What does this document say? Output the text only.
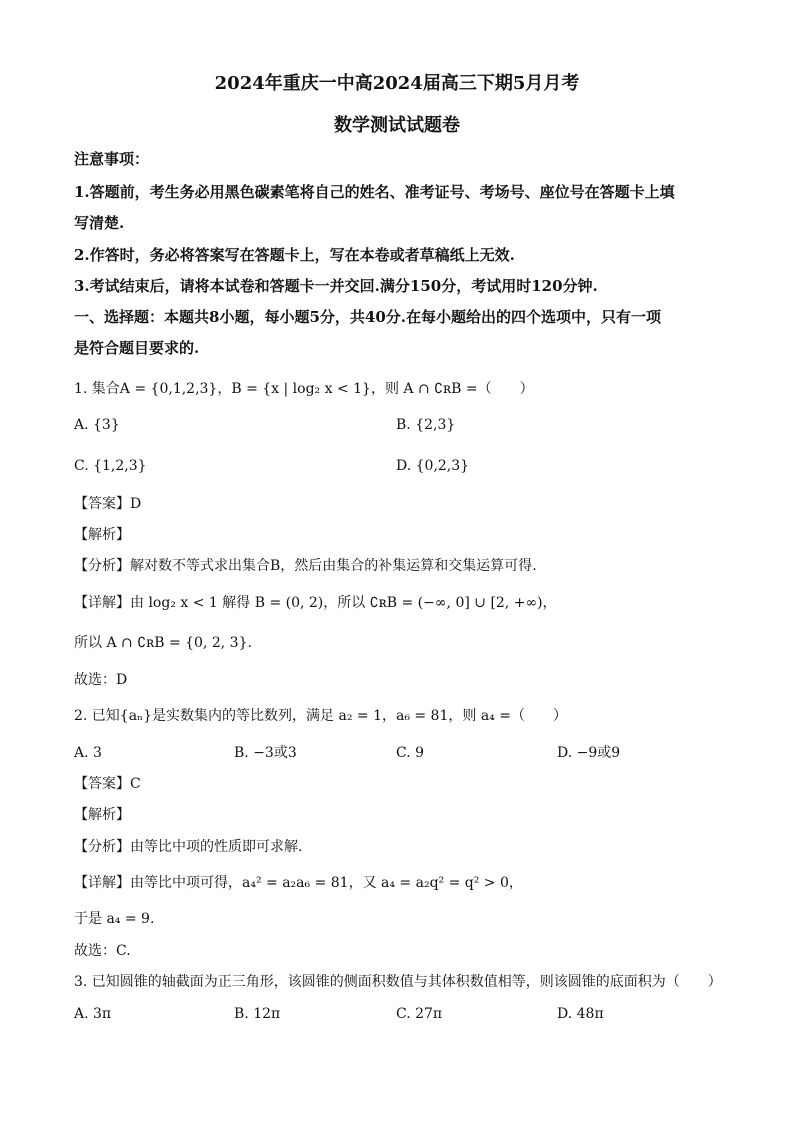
2024年重庆一中高2024届高三下期5月月考
数学测试试题卷
注意事项：
1.答题前，考生务必用黑色碳素笔将自己的姓名、准考证号、考场号、座位号在答题卡上填
写清楚.
2.作答时，务必将答案写在答题卡上，写在本卷或者草稿纸上无效.
3.考试结束后，请将本试卷和答题卡一并交回.满分150分，考试用时120分钟.
一、选择题：本题共8小题，每小题5分，共40分.在每小题给出的四个选项中，只有一项
是符合题目要求的.
1. 集合A = {0,1,2,3}，B = {x | log₂ x < 1}，则 A ∩ ∁ʀB =（　　）
A. {3}	B. {2,3}
C. {1,2,3}	D. {0,2,3}
【答案】D
【解析】
【分析】解对数不等式求出集合B，然后由集合的补集运算和交集运算可得.
【详解】由 log₂ x < 1 解得 B = (0, 2)，所以 ∁ʀB = (−∞, 0] ∪ [2, +∞)，
所以 A ∩ ∁ʀB = {0, 2, 3}.
故选：D
2. 已知{aₙ}是实数集内的等比数列，满足 a₂ = 1，a₆ = 81，则 a₄ =（　　）
A. 3	B. −3或3	C. 9	D. −9或9
【答案】C
【解析】
【分析】由等比中项的性质即可求解.
【详解】由等比中项可得，a₄² = a₂a₆ = 81，又 a₄ = a₂q² = q² > 0，
于是 a₄ = 9.
故选：C.
3. 已知圆锥的轴截面为正三角形，该圆锥的侧面积数值与其体积数值相等，则该圆锥的底面积为（　　）
A. 3π	B. 12π	C. 27π	D. 48π
